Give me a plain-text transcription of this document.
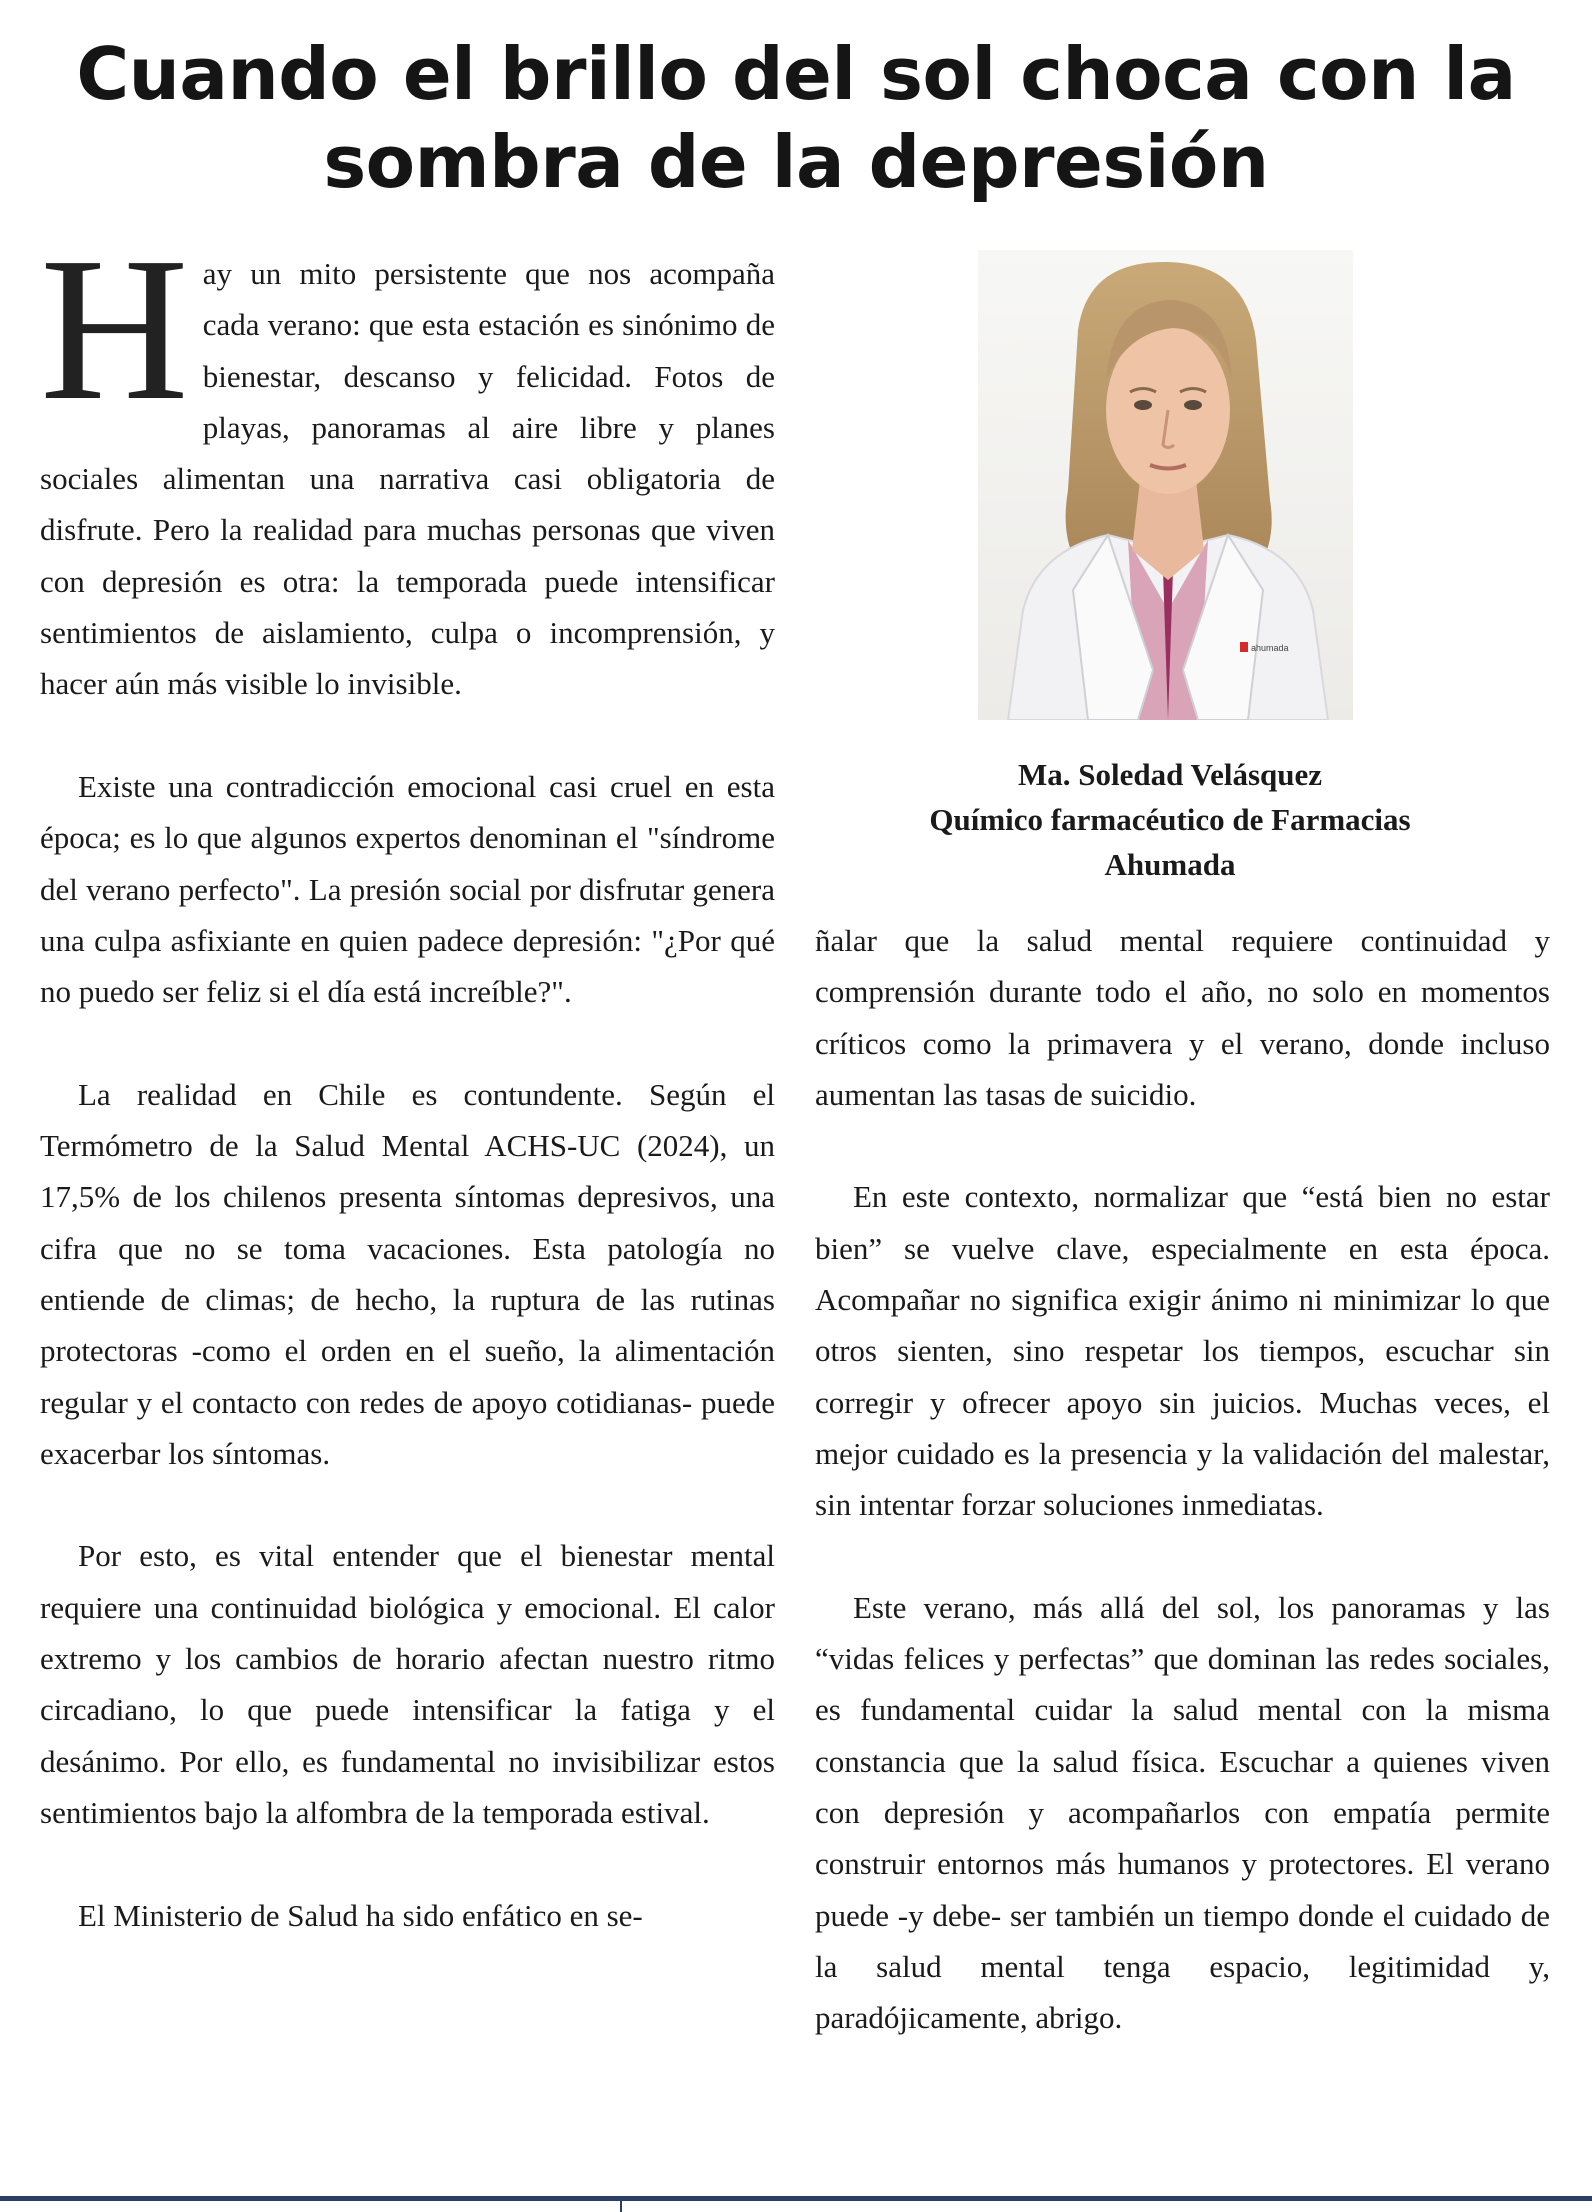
Cuando el brillo del sol choca con la sombra de la depresión

Hay un mito persistente que nos acompaña cada verano: que esta estación es sinónimo de bienestar, descanso y felicidad. Fotos de playas, panoramas al aire libre y planes sociales alimentan una narrativa casi obligatoria de disfrute. Pero la realidad para muchas personas que viven con depresión es otra: la temporada puede intensificar sentimientos de aislamiento, culpa o incomprensión, y hacer aún más visible lo invisible.

Existe una contradicción emocional casi cruel en esta época; es lo que algunos expertos denominan el "síndrome del verano perfecto". La presión social por disfrutar genera una culpa asfixiante en quien padece depresión: "¿Por qué no puedo ser feliz si el día está increíble?".

La realidad en Chile es contundente. Según el Termómetro de la Salud Mental ACHS-UC (2024), un 17,5% de los chilenos presenta síntomas depresivos, una cifra que no se toma vacaciones. Esta patología no entiende de climas; de hecho, la ruptura de las rutinas protectoras -como el orden en el sueño, la alimentación regular y el contacto con redes de apoyo cotidianas- puede exacerbar los síntomas.

Por esto, es vital entender que el bienestar mental requiere una continuidad biológica y emocional. El calor extremo y los cambios de horario afectan nuestro ritmo circadiano, lo que puede intensificar la fatiga y el desánimo. Por ello, es fundamental no invisibilizar estos sentimientos bajo la alfombra de la temporada estival.

El Ministerio de Salud ha sido enfático en se-

ahumada
Ma. Soledad Velásquez
Químico farmacéutico de Farmacias
Ahumada

ñalar que la salud mental requiere continuidad y comprensión durante todo el año, no solo en momentos críticos como la primavera y el verano, donde incluso aumentan las tasas de suicidio.

En este contexto, normalizar que “está bien no estar bien” se vuelve clave, especialmente en esta época. Acompañar no significa exigir ánimo ni minimizar lo que otros sienten, sino respetar los tiempos, escuchar sin corregir y ofrecer apoyo sin juicios. Muchas veces, el mejor cuidado es la presencia y la validación del malestar, sin intentar forzar soluciones inmediatas.

Este verano, más allá del sol, los panoramas y las “vidas felices y perfectas” que dominan las redes sociales, es fundamental cuidar la salud mental con la misma constancia que la salud física. Escuchar a quienes viven con depresión y acompañarlos con empatía permite construir entornos más humanos y protectores. El verano puede -y debe- ser también un tiempo donde el cuidado de la salud mental tenga espacio, legitimidad y, paradójicamente, abrigo.
